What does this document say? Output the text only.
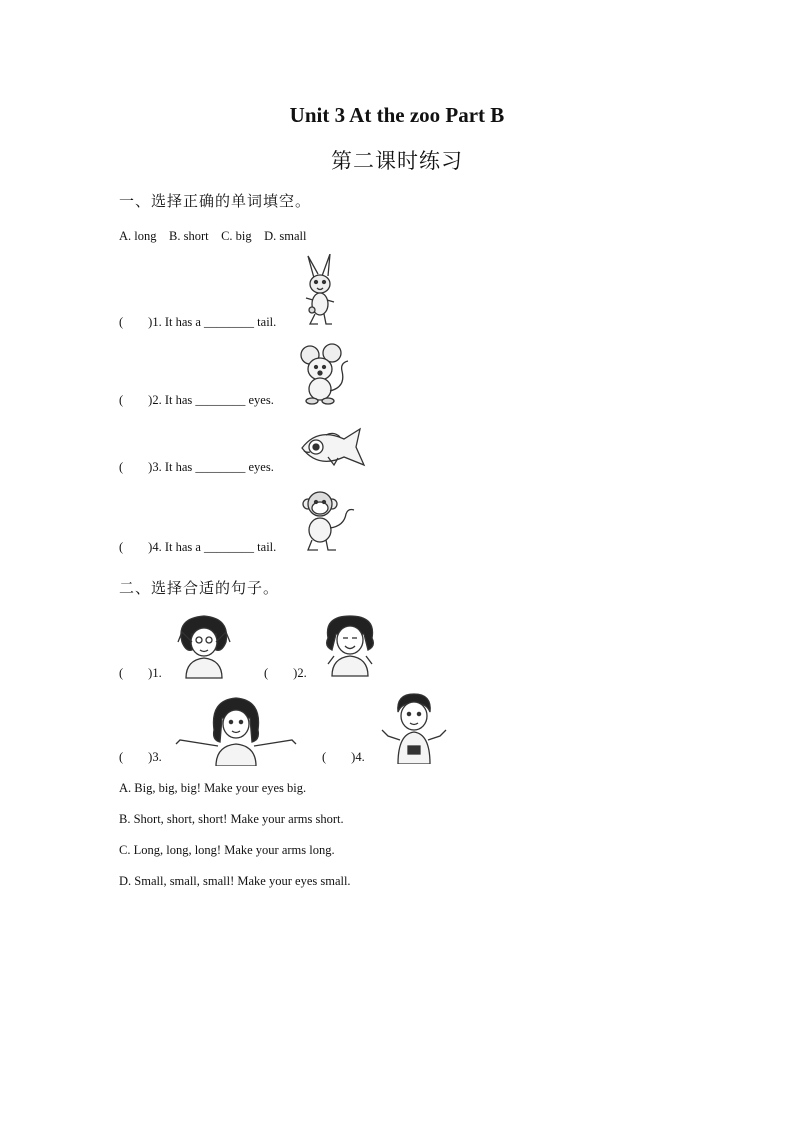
Unit 3 At the zoo Part B
第二课时练习
一、选择正确的单词填空。
A. long    B. short    C. big    D. small
(        )1. It has a ________ tail.
(        )2. It has ________ eyes.
(        )3. It has ________ eyes.
(        )4. It has a ________ tail.
二、选择合适的句子。
(        )1.	(        )2.
(        )3.	(        )4.
A. Big, big, big! Make your eyes big.
B. Short, short, short! Make your arms short.
C. Long, long, long! Make your arms long.
D. Small, small, small! Make your eyes small.
